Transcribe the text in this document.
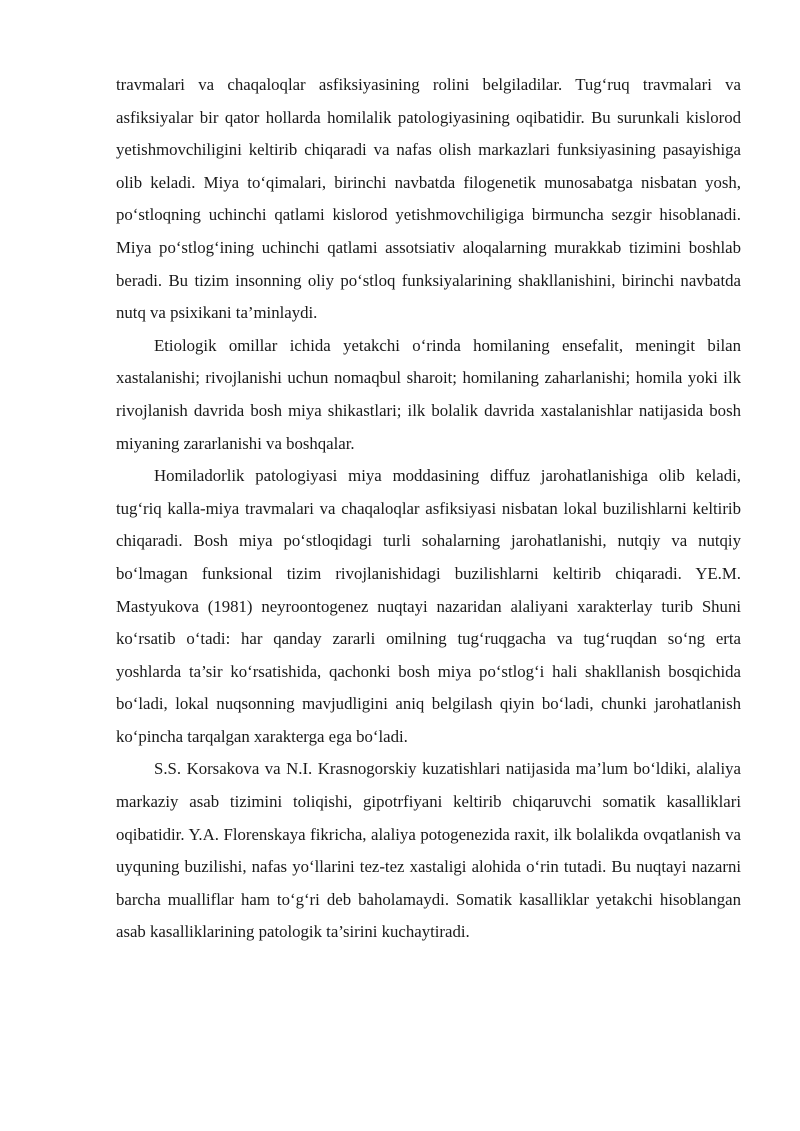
travmalari va chaqaloqlar asfiksiyasining rolini belgiladilar. Tug‘ruq travmalari va asfiksiyalar bir qator hollarda homilalik patologiyasining oqibatidir. Bu surunkali kislorod yetishmovchiligini keltirib chiqaradi va nafas olish markazlari funksiyasining pasayishiga olib keladi. Miya to‘qimalari, birinchi navbatda filogenetik munosabatga nisbatan yosh, po‘stloqning uchinchi qatlami kislorod yetishmovchiligiga birmuncha sezgir hisoblanadi. Miya po‘stlog‘ining uchinchi qatlami assotsiativ aloqalarning murakkab tizimini boshlab beradi. Bu tizim insonning oliy po‘stloq funksiyalarining shakllanishini, birinchi navbatda nutq va psixikani ta’minlaydi.

Etiologik omillar ichida yetakchi o‘rinda homilaning ensefalit, meningit bilan xastalanishi; rivojlanishi uchun nomaqbul sharoit; homilaning zaharlanishi; homila yoki ilk rivojlanish davrida bosh miya shikastlari; ilk bolalik davrida xastalanishlar natijasida bosh miyaning zararlanishi va boshqalar.

Homiladorlik patologiyasi miya moddasining diffuz jarohatlanishiga olib keladi, tug‘riq kalla-miya travmalari va chaqaloqlar asfiksiyasi nisbatan lokal buzilishlarni keltirib chiqaradi. Bosh miya po‘stloqidagi turli sohalarning jarohatlanishi, nutqiy va nutqiy bo‘lmagan funksional tizim rivojlanishidagi buzilishlarni keltirib chiqaradi. YE.M. Mastyukova (1981) neyroontogenez nuqtayi nazaridan alaliyani xarakterlay turib Shuni ko‘rsatib o‘tadi: har qanday zararli omilning tug‘ruqgacha va tug‘ruqdan so‘ng erta yoshlarda ta’sir ko‘rsatishida, qachonki bosh miya po‘stlog‘i hali shakllanish bosqichida bo‘ladi, lokal nuqsonning mavjudligini aniq belgilash qiyin bo‘ladi, chunki jarohatlanish ko‘pincha tarqalgan xarakterga ega bo‘ladi.

S.S. Korsakova va N.I. Krasnogorskiy kuzatishlari natijasida ma’lum bo‘ldiki, alaliya markaziy asab tizimini toliqishi, gipotrfiyani keltirib chiqaruvchi somatik kasalliklari oqibatidir. Y.A. Florenskaya fikricha, alaliya potogenezida raxit, ilk bolalikda ovqatlanish va uyquning buzilishi, nafas yo‘llarini tez-tez xastaligi alohida o‘rin tutadi. Bu nuqtayi nazarni barcha mualliflar ham to‘g‘ri deb baholamaydi. Somatik kasalliklar yetakchi hisoblangan asab kasalliklarining patologik ta’sirini kuchaytiradi.
